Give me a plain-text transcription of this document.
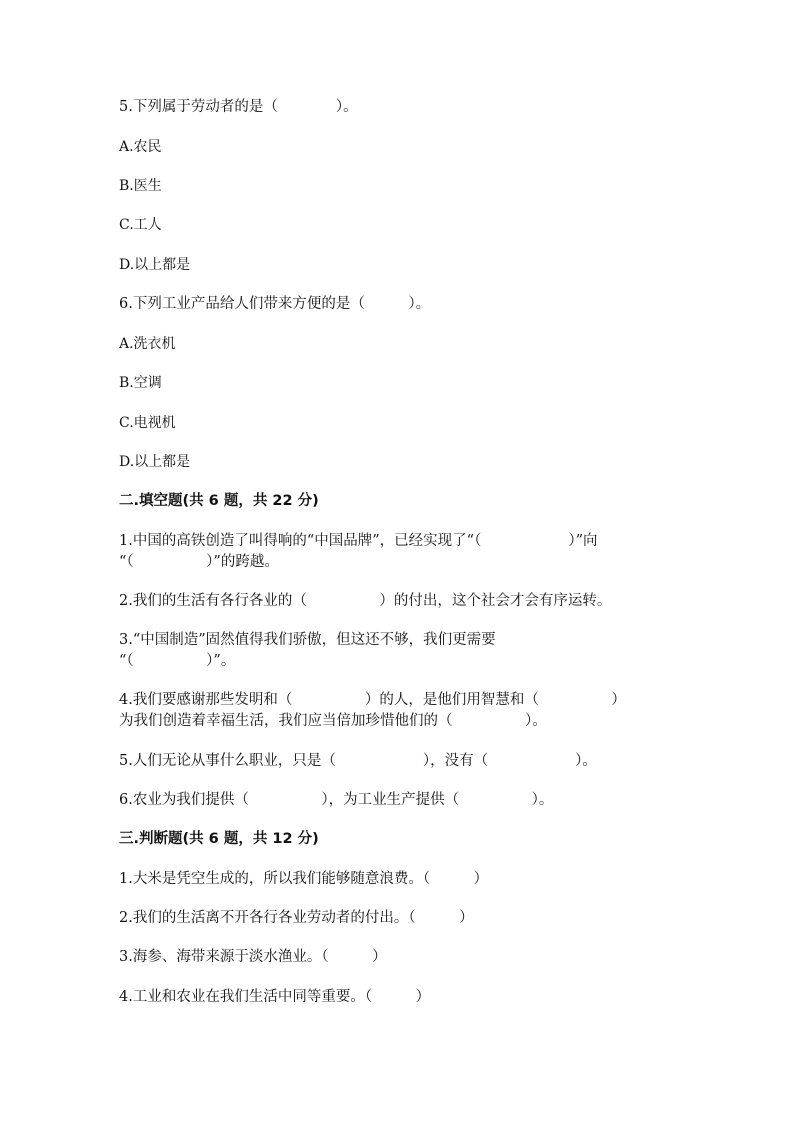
5.下列属于劳动者的是（　　　　）。
A.农民
B.医生
C.工人
D.以上都是
6.下列工业产品给人们带来方便的是（　　　）。
A.洗衣机
B.空调
C.电视机
D.以上都是
二.填空题(共 6 题，共 22 分)
1.中国的高铁创造了叫得响的“中国品牌”，已经实现了“（　　　　　　）”向
“（　　　　　）”的跨越。
2.我们的生活有各行各业的（　　　　　）的付出，这个社会才会有序运转。
3.“中国制造”固然值得我们骄傲，但这还不够，我们更需要
“（　　　　　）”。
4.我们要感谢那些发明和（　　　　　）的人，是他们用智慧和（　　　　　）
为我们创造着幸福生活，我们应当倍加珍惜他们的（　　　　　）。
5.人们无论从事什么职业，只是（　　　　　　），没有（　　　　　　）。
6.农业为我们提供（　　　　　），为工业生产提供（　　　　　）。
三.判断题(共 6 题，共 12 分)
1.大米是凭空生成的，所以我们能够随意浪费。（　　　）
2.我们的生活离不开各行各业劳动者的付出。（　　　）
3.海参、海带来源于淡水渔业。（　　　）
4.工业和农业在我们生活中同等重要。（　　　）
